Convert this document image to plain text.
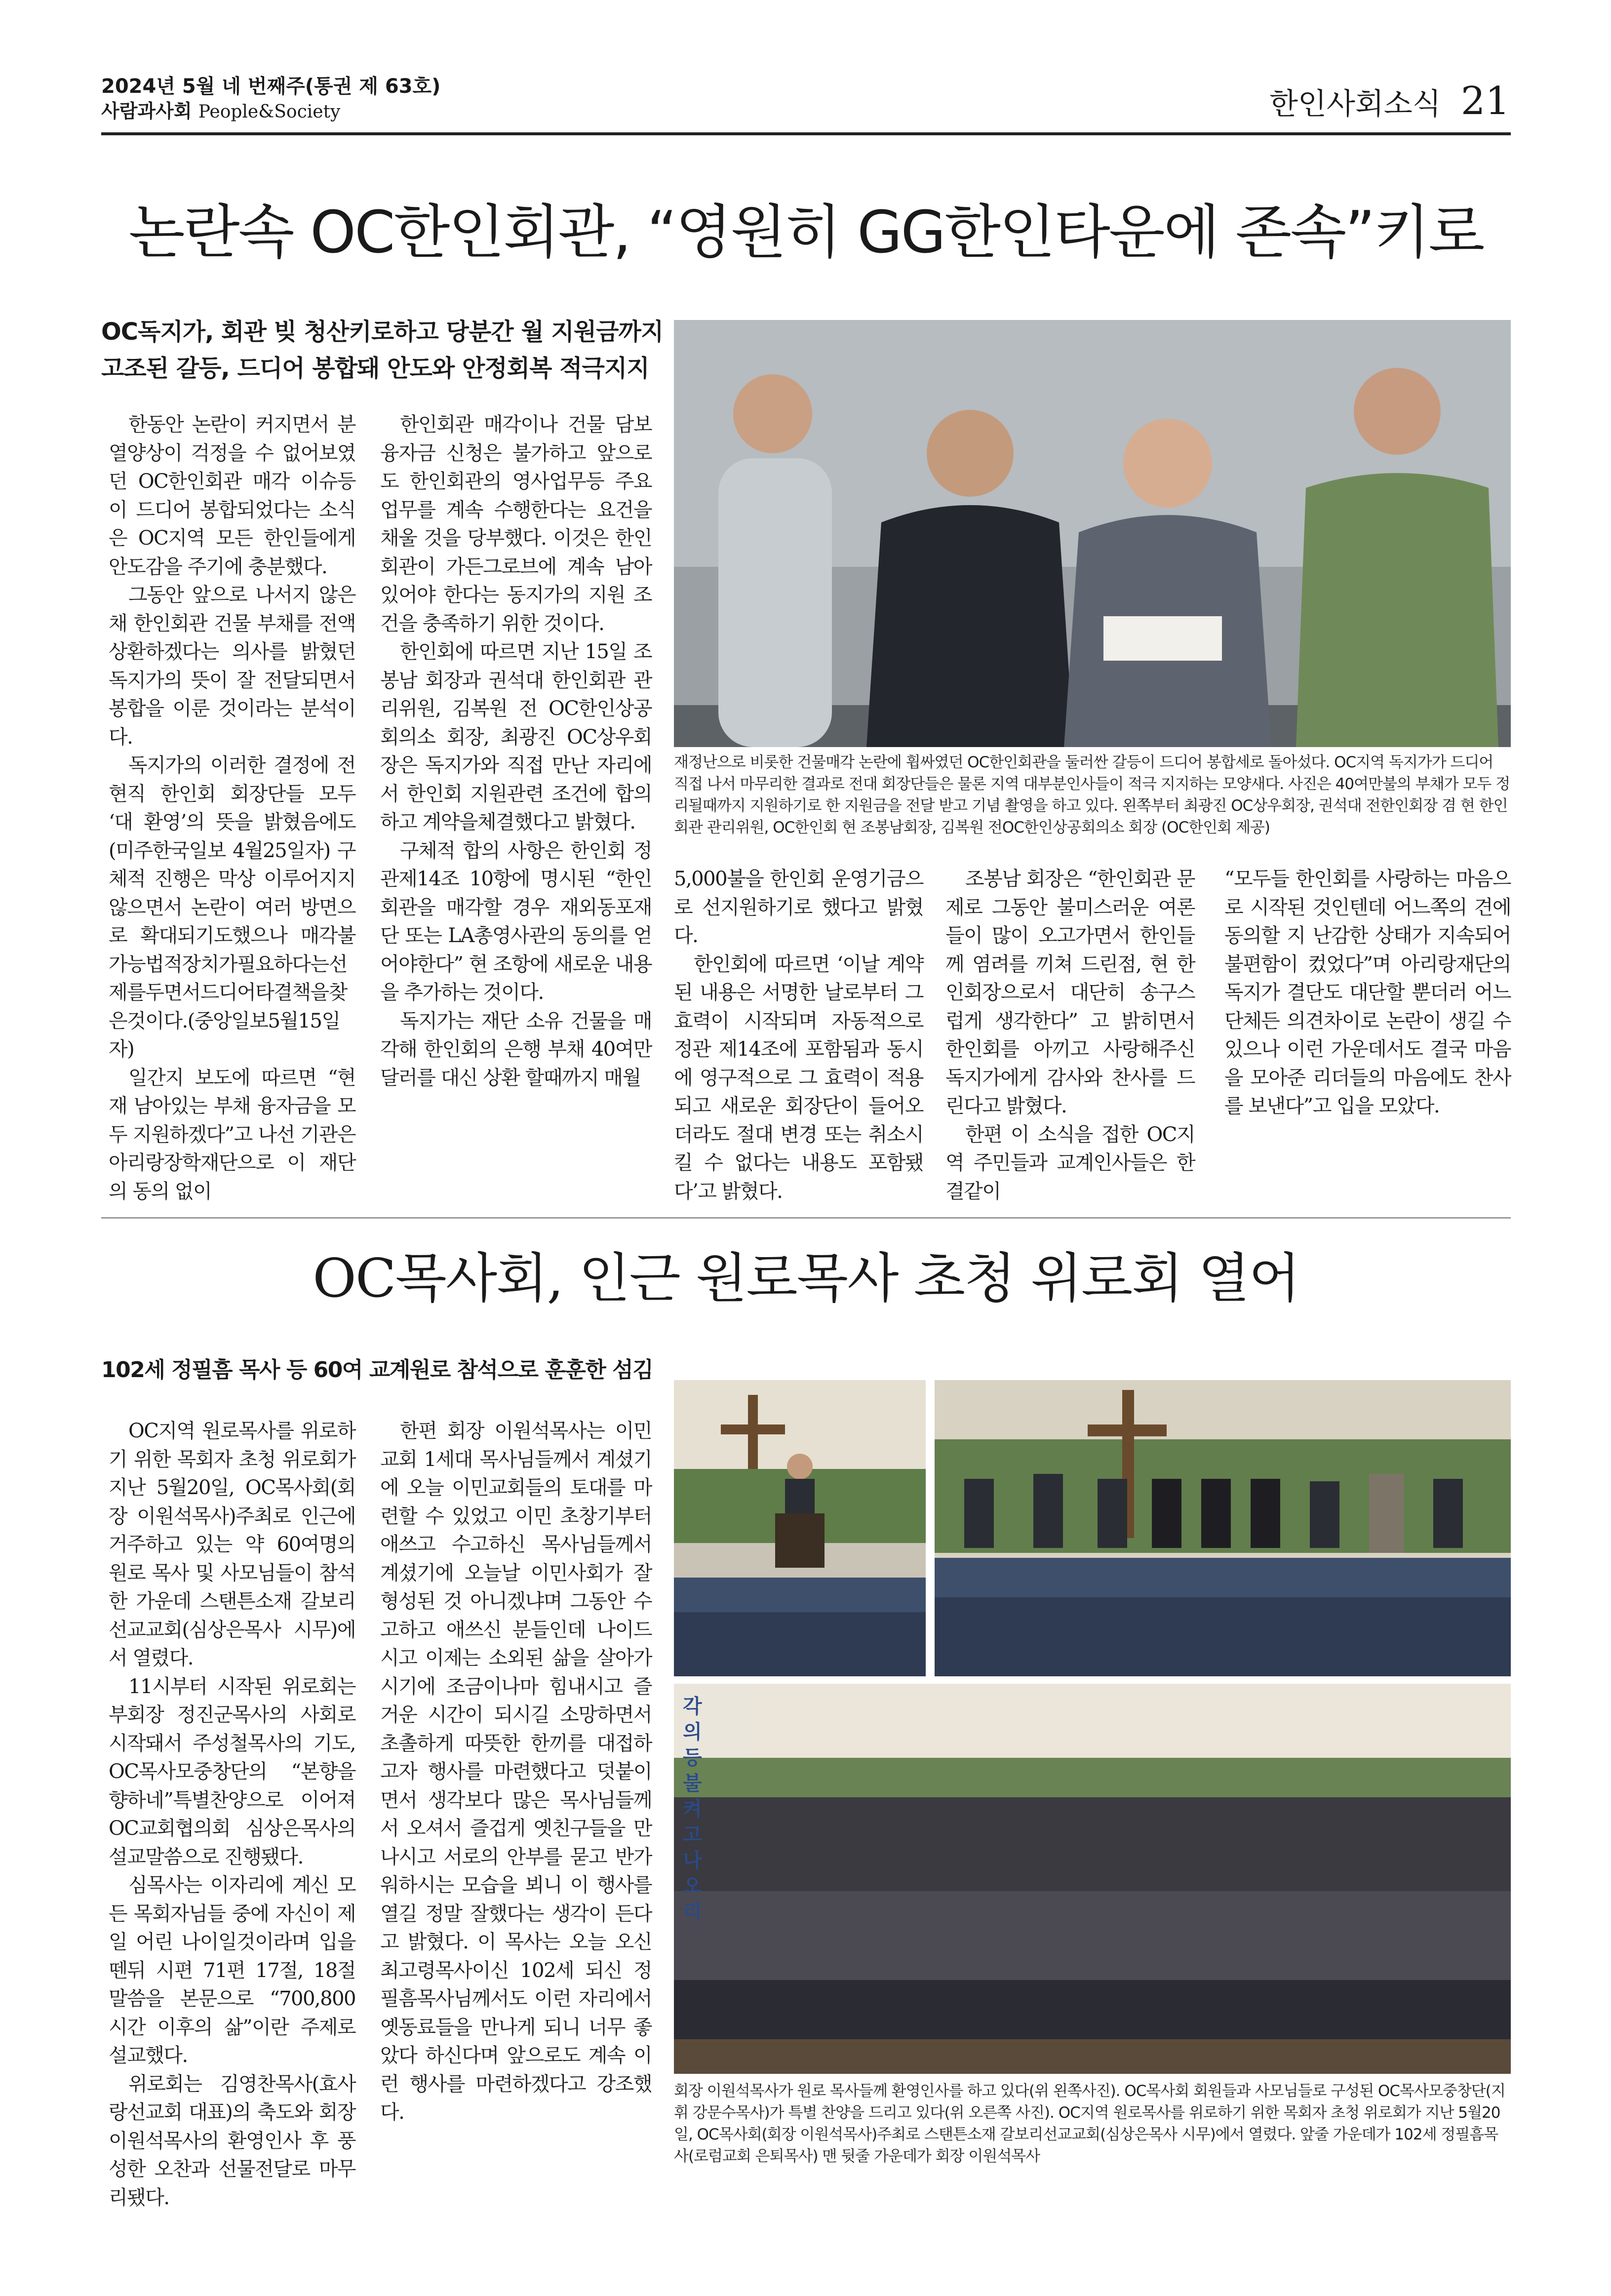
2024년 5월 네 번째주(통권 제 63호)
사람과사회 People&Society	한인사회소식 21
논란속 OC한인회관, “영원히 GG한인타운에 존속”키로
OC독지가, 회관 빚 청산키로하고 당분간 월 지원금까지
고조된 갈등, 드디어 봉합돼 안도와 안정회복 적극지지

한동안 논란이 커지면서 분열양상이 걱정을 수 없어보였던 OC한인회관 매각 이슈등이 드디어 봉합되었다는 소식은 OC지역 모든 한인들에게 안도감을 주기에 충분했다.

그동안 앞으로 나서지 않은채 한인회관 건물 부채를 전액 상환하겠다는 의사를 밝혔던 독지가의 뜻이 잘 전달되면서 봉합을 이룬 것이라는 분석이다.

독지가의 이러한 결정에 전현직 한인회 회장단들 모두 ‘대 환영’의 뜻을 밝혔음에도(미주한국일보 4월25일자) 구체적 진행은 막상 이루어지지 않으면서 논란이 여러 방면으로 확대되기도했으나 매각불가능법적장치가필요하다는선제를두면서드디어타결책을찾은것이다.(중앙일보5월15일자)

일간지 보도에 따르면 “현재 남아있는 부채 융자금을 모두 지원하겠다”고 나선 기관은 아리랑장학재단으로 이 재단의 동의 없이

한인회관 매각이나 건물 담보 융자금 신청은 불가하고 앞으로도 한인회관의 영사업무등 주요 업무를 계속 수행한다는 요건을 채울 것을 당부했다. 이것은 한인회관이 가든그로브에 계속 남아있어야 한다는 동지가의 지원 조건을 충족하기 위한 것이다.

한인회에 따르면 지난 15일 조봉남 회장과 권석대 한인회관 관리위원, 김복원 전 OC한인상공회의소 회장, 최광진 OC상우회장은 독지가와 직접 만난 자리에서 한인회 지원관련 조건에 합의하고 계약을체결했다고 밝혔다.

구체적 합의 사항은 한인회 정관제14조 10항에 명시된 “한인회관을 매각할 경우 재외동포재단 또는 LA총영사관의 동의를 얻어야한다” 현 조항에 새로운 내용을 추가하는 것이다.

독지가는 재단 소유 건물을 매각해 한인회의 은행 부채 40여만 달러를 대신 상환 할때까지 매월

재정난으로 비롯한 건물매각 논란에 휩싸였던 OC한인회관을 둘러싼 갈등이 드디어 봉합세로 돌아섰다. OC지역 독지가가 드디어 직접 나서 마무리한 결과로 전대 회장단들은 물론 지역 대부분인사들이 적극 지지하는 모양새다. 사진은 40여만불의 부채가 모두 정리될때까지 지원하기로 한 지원금을 전달 받고 기념 촬영을 하고 있다. 왼쪽부터 최광진 OC상우회장, 권석대 전한인회장 겸 현 한인회관 관리위원, OC한인회 현 조봉남회장, 김복원 전OC한인상공회의소 회장 (OC한인회 제공)

5,000불을 한인회 운영기금으로 선지원하기로 했다고 밝혔다.

한인회에 따르면 ‘이날 계약된 내용은 서명한 날로부터 그 효력이 시작되며 자동적으로 정관 제14조에 포함됨과 동시에 영구적으로 그 효력이 적용되고 새로운 회장단이 들어오더라도 절대 변경 또는 취소시킬 수 없다는 내용도 포함됐다’고 밝혔다.

조봉남 회장은 “한인회관 문제로 그동안 불미스러운 여론들이 많이 오고가면서 한인들께 염려를 끼쳐 드린점, 현 한인회장으로서 대단히 송구스럽게 생각한다” 고 밝히면서 한인회를 아끼고 사랑해주신 독지가에게 감사와 찬사를 드린다고 밝혔다.

한편 이 소식을 접한 OC지역 주민들과 교계인사들은 한결같이

“모두들 한인회를 사랑하는 마음으로 시작된 것인텐데 어느쪽의 견에 동의할 지 난감한 상태가 지속되어 불편함이 컸었다”며 아리랑재단의 독지가 결단도 대단할 뿐더러 어느 단체든 의견차이로 논란이 생길 수 있으나 이런 가운데서도 결국 마음을 모아준 리더들의 마음에도 찬사를 보낸다”고 입을 모았다.

OC목사회, 인근 원로목사 초청 위로회 열어
102세 정필흠 목사 등 60여 교계원로 참석으로 훈훈한 섬김

OC지역 원로목사를 위로하기 위한 목회자 초청 위로회가 지난 5월20일, OC목사회(회장 이원석목사)주최로 인근에 거주하고 있는 약 60여명의 원로 목사 및 사모님들이 참석한 가운데 스탠튼소재 갈보리선교교회(심상은목사 시무)에서 열렸다.

11시부터 시작된 위로회는 부회장 정진군목사의 사회로 시작돼서 주성철목사의 기도, OC목사모중창단의 “본향을 향하네”특별찬양으로 이어져 OC교회협의회 심상은목사의 설교말씀으로 진행됐다.

심목사는 이자리에 계신 모든 목회자님들 중에 자신이 제일 어린 나이일것이라며 입을 뗀뒤 시편 71편 17절, 18절 말씀을 본문으로 “700,800 시간 이후의 삶”이란 주제로 설교했다.

위로회는 김영찬목사(효사랑선교회 대표)의 축도와 회장 이원석목사의 환영인사 후 풍성한 오찬과 선물전달로 마무리됐다.

한편 회장 이원석목사는 이민교회 1세대 목사님들께서 계셨기에 오늘 이민교회들의 토대를 마련할 수 있었고 이민 초창기부터 애쓰고 수고하신 목사님들께서 계셨기에 오늘날 이민사회가 잘형성된 것 아니겠냐며 그동안 수고하고 애쓰신 분들인데 나이드시고 이제는 소외된 삶을 살아가시기에 조금이나마 힘내시고 즐거운 시간이 되시길 소망하면서 초촐하게 따뜻한 한끼를 대접하고자 행사를 마련했다고 덧붙이면서 생각보다 많은 목사님들께서 오셔서 즐겁게 옛친구들을 만나시고 서로의 안부를 묻고 반가워하시는 모습을 뵈니 이 행사를 열길 정말 잘했다는 생각이 든다고 밝혔다. 이 목사는 오늘 오신 최고령목사이신 102세 되신 정필흠목사님께서도 이런 자리에서 옛동료들을 만나게 되니 너무 좋았다 하신다며 앞으로도 계속 이런 행사를 마련하겠다고 강조했다.

각의 등불 켜고 나오리
회장 이원석목사가 원로 목사들께 환영인사를 하고 있다(위 왼쪽사진). OC목사회 회원들과 사모님들로 구성된 OC목사모중창단(지휘 강문수목사)가 특별 찬양을 드리고 있다(위 오른쪽 사진). OC지역 원로목사를 위로하기 위한 목회자 초청 위로회가 지난 5월20일, OC목사회(회장 이원석목사)주최로 스탠튼소재 갈보리선교교회(심상은목사 시무)에서 열렸다. 앞줄 가운데가 102세 정필흠목사(로럼교회 은퇴목사) 맨 뒷줄 가운데가 회장 이원석목사
